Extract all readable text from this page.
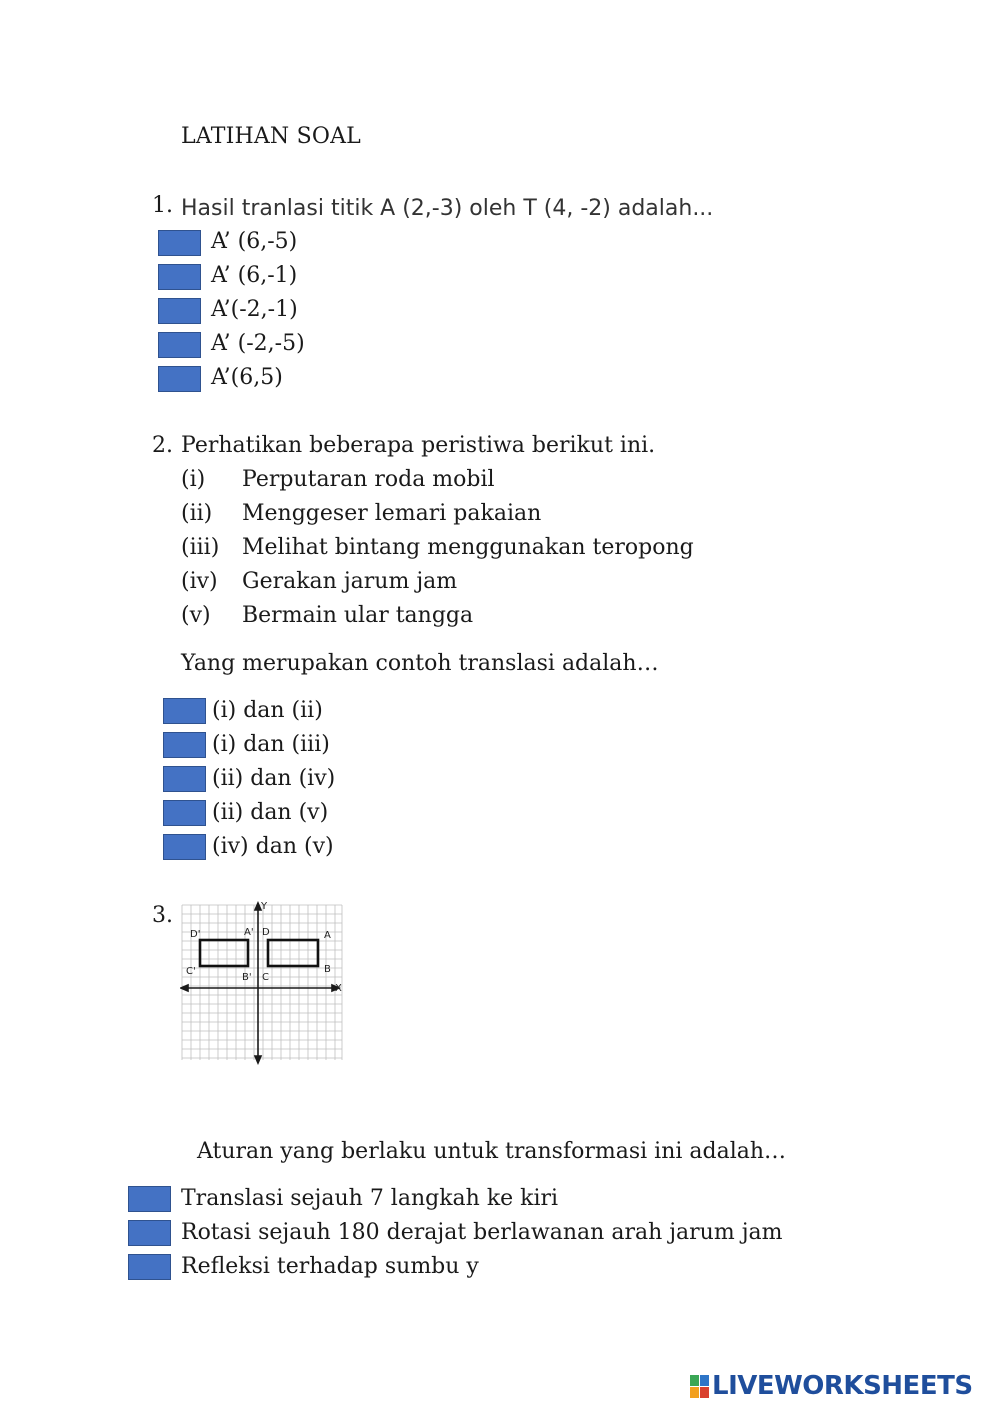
LATIHAN SOAL
1. Hasil tranlasi titik A (2,-3) oleh T (4, -2) adalah...
A’ (6,-5)
A’ (6,-1)
A’(-2,-1)
A’ (-2,-5)
A’(6,5)
2. Perhatikan beberapa peristiwa berikut ini.
(i) Perputaran roda mobil
(ii) Menggeser lemari pakaian
(iii) Melihat bintang menggunakan teropong
(iv) Gerakan jarum jam
(v) Bermain ular tangga
Yang merupakan contoh translasi adalah…
(i) dan (ii)
(i) dan (iii)
(ii) dan (iv)
(ii) dan (v)
(iv) dan (v)
3.	Y
X
D'	A' D	A
C'
B' C
B
Aturan yang berlaku untuk transformasi ini adalah…
Translasi sejauh 7 langkah ke kiri
Rotasi sejauh 180 derajat berlawanan arah jarum jam
Refleksi terhadap sumbu y
LIVEWORKSHEETS
